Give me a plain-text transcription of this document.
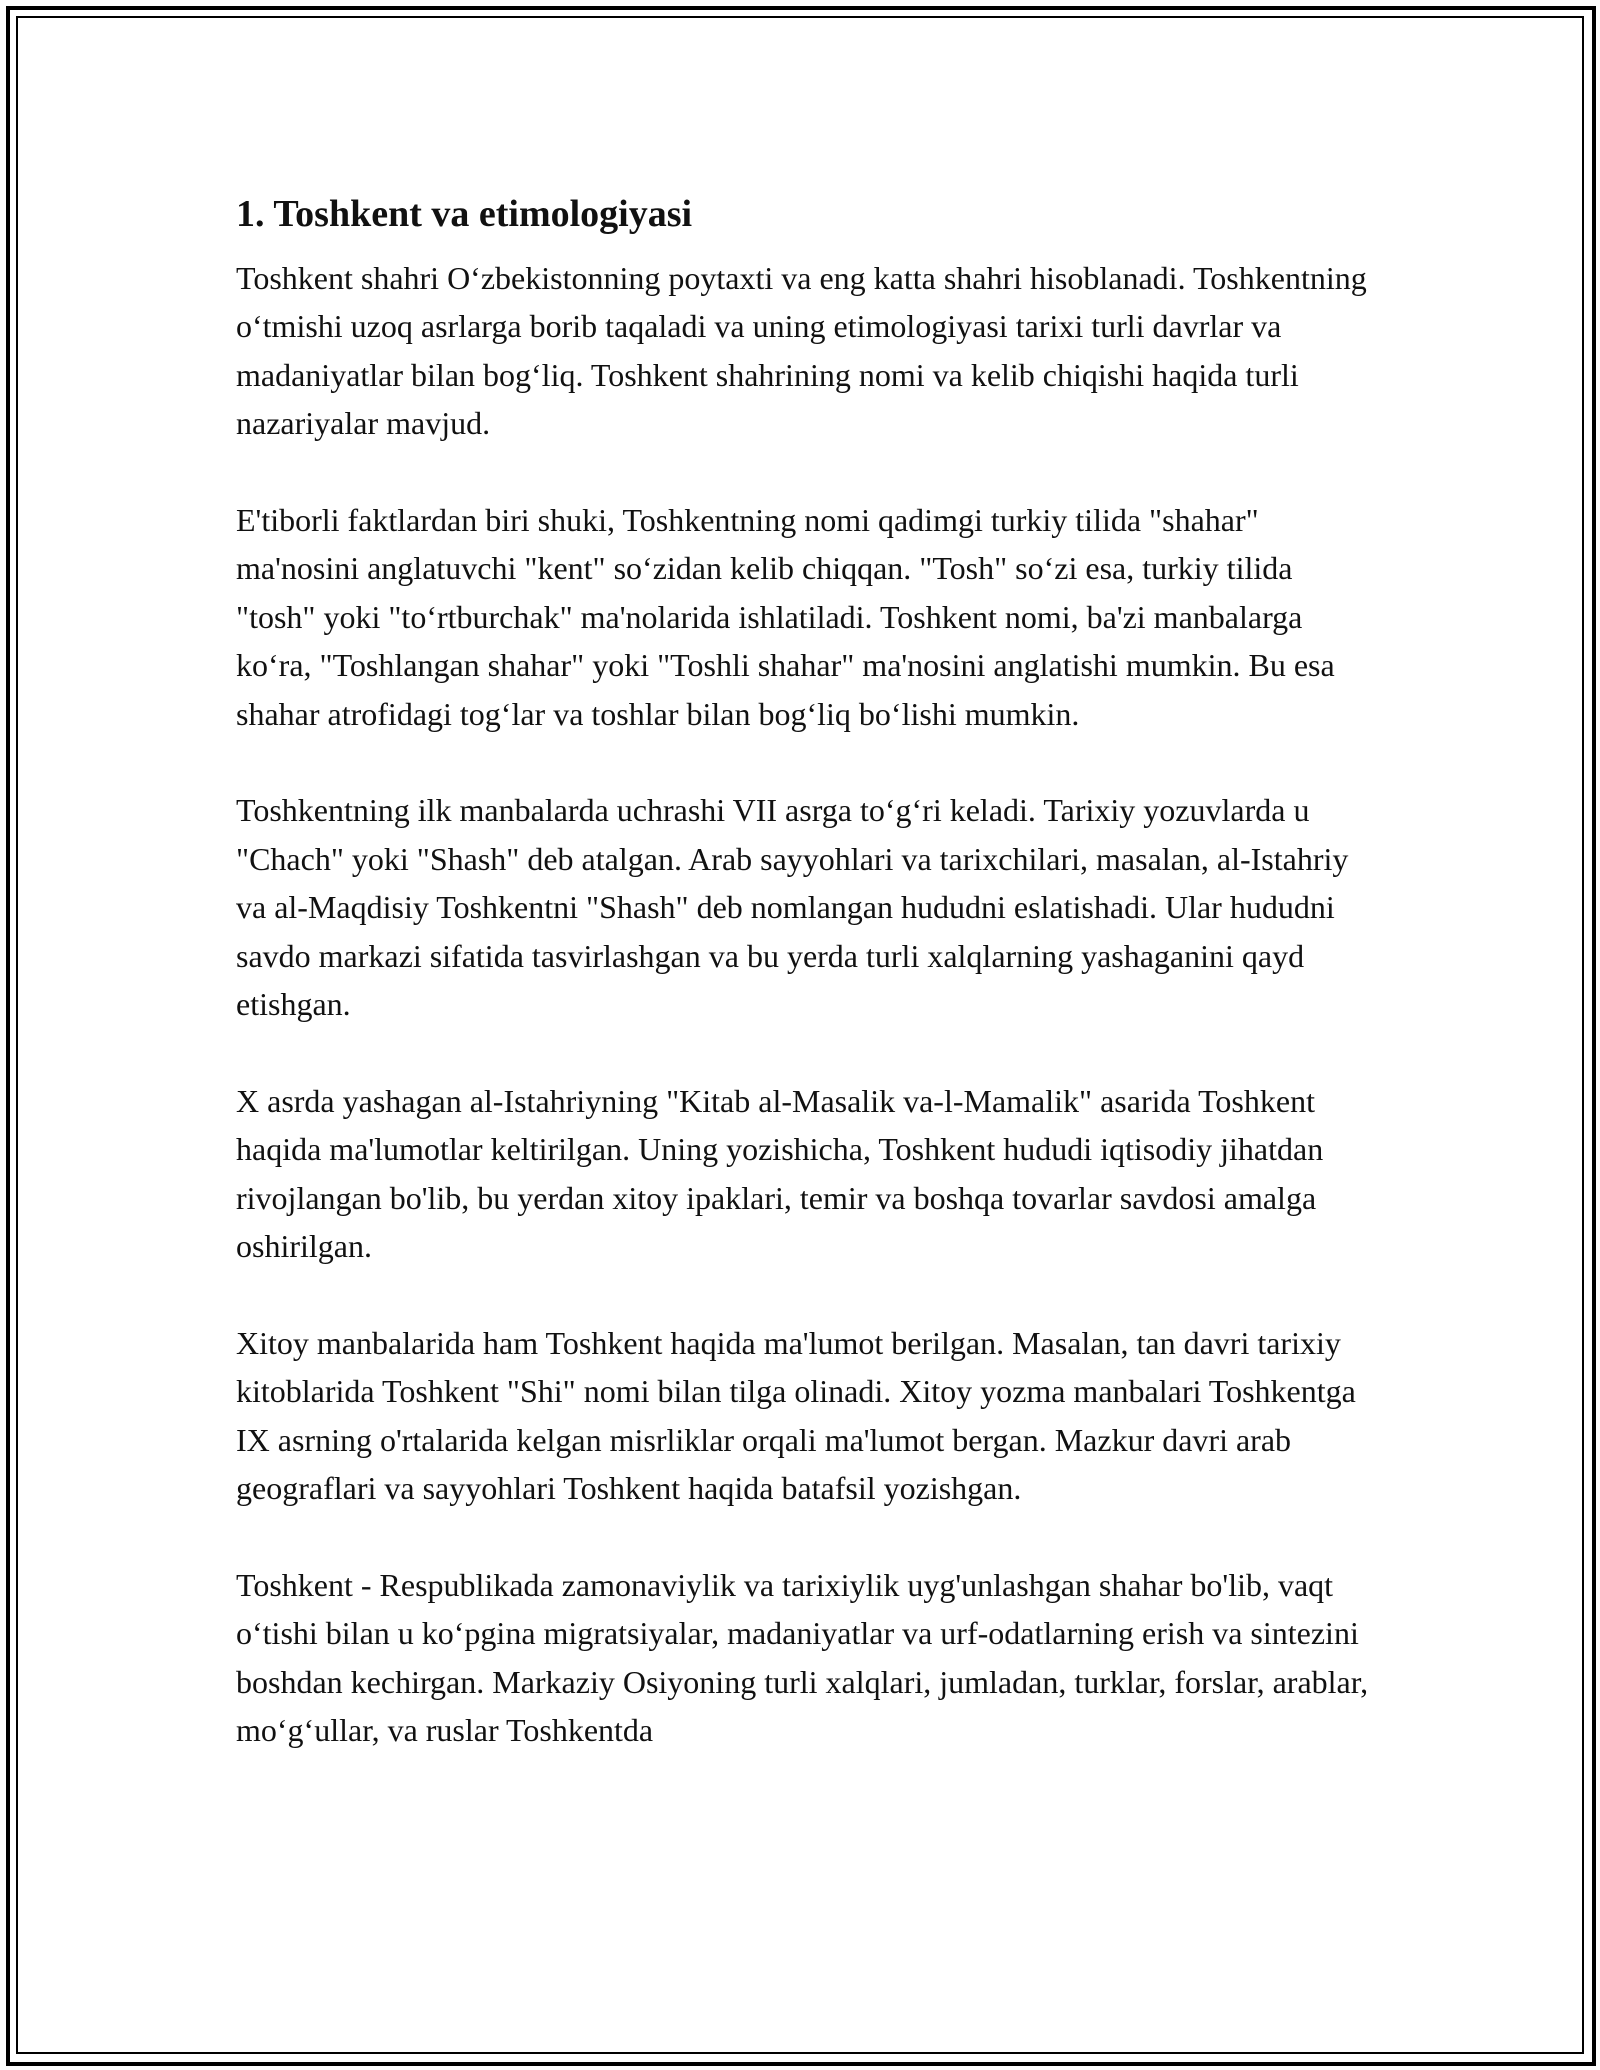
1. Toshkent va etimologiyasi

Toshkent shahri O‘zbekistonning poytaxti va eng katta shahri hisoblanadi. Toshkentning o‘tmishi uzoq asrlarga borib taqaladi va uning etimologiyasi tarixi turli davrlar va madaniyatlar bilan bog‘liq. Toshkent shahrining nomi va kelib chiqishi haqida turli nazariyalar mavjud.

E'tiborli faktlardan biri shuki, Toshkentning nomi qadimgi turkiy tilida "shahar" ma'nosini anglatuvchi "kent" so‘zidan kelib chiqqan. "Tosh" so‘zi esa, turkiy tilida "tosh" yoki "to‘rtburchak" ma'nolarida ishlatiladi. Toshkent nomi, ba'zi manbalarga ko‘ra, "Toshlangan shahar" yoki "Toshli shahar" ma'nosini anglatishi mumkin. Bu esa shahar atrofidagi tog‘lar va toshlar bilan bog‘liq bo‘lishi mumkin.

Toshkentning ilk manbalarda uchrashi VII asrga to‘g‘ri keladi. Tarixiy yozuvlarda u "Chach" yoki "Shash" deb atalgan. Arab sayyohlari va tarixchilari, masalan, al-Istahriy va al-Maqdisiy Toshkentni "Shash" deb nomlangan hududni eslatishadi. Ular hududni savdo markazi sifatida tasvirlashgan va bu yerda turli xalqlarning yashaganini qayd etishgan.

X asrda yashagan al-Istahriyning "Kitab al-Masalik va-l-Mamalik" asarida Toshkent haqida ma'lumotlar keltirilgan. Uning yozishicha, Toshkent hududi iqtisodiy jihatdan rivojlangan bo'lib, bu yerdan xitoy ipaklari, temir va boshqa tovarlar savdosi amalga oshirilgan.

Xitoy manbalarida ham Toshkent haqida ma'lumot berilgan. Masalan, tan davri tarixiy kitoblarida Toshkent "Shi" nomi bilan tilga olinadi. Xitoy yozma manbalari Toshkentga IX asrning o'rtalarida kelgan misrliklar orqali ma'lumot bergan. Mazkur davri arab geograflari va sayyohlari Toshkent haqida batafsil yozishgan.

Toshkent - Respublikada zamonaviylik va tarixiylik uyg'unlashgan shahar bo'lib, vaqt o‘tishi bilan u ko‘pgina migratsiyalar, madaniyatlar va urf-odatlarning erish va sintezini boshdan kechirgan. Markaziy Osiyoning turli xalqlari, jumladan, turklar, forslar, arablar, mo‘g‘ullar, va ruslar Toshkentda
